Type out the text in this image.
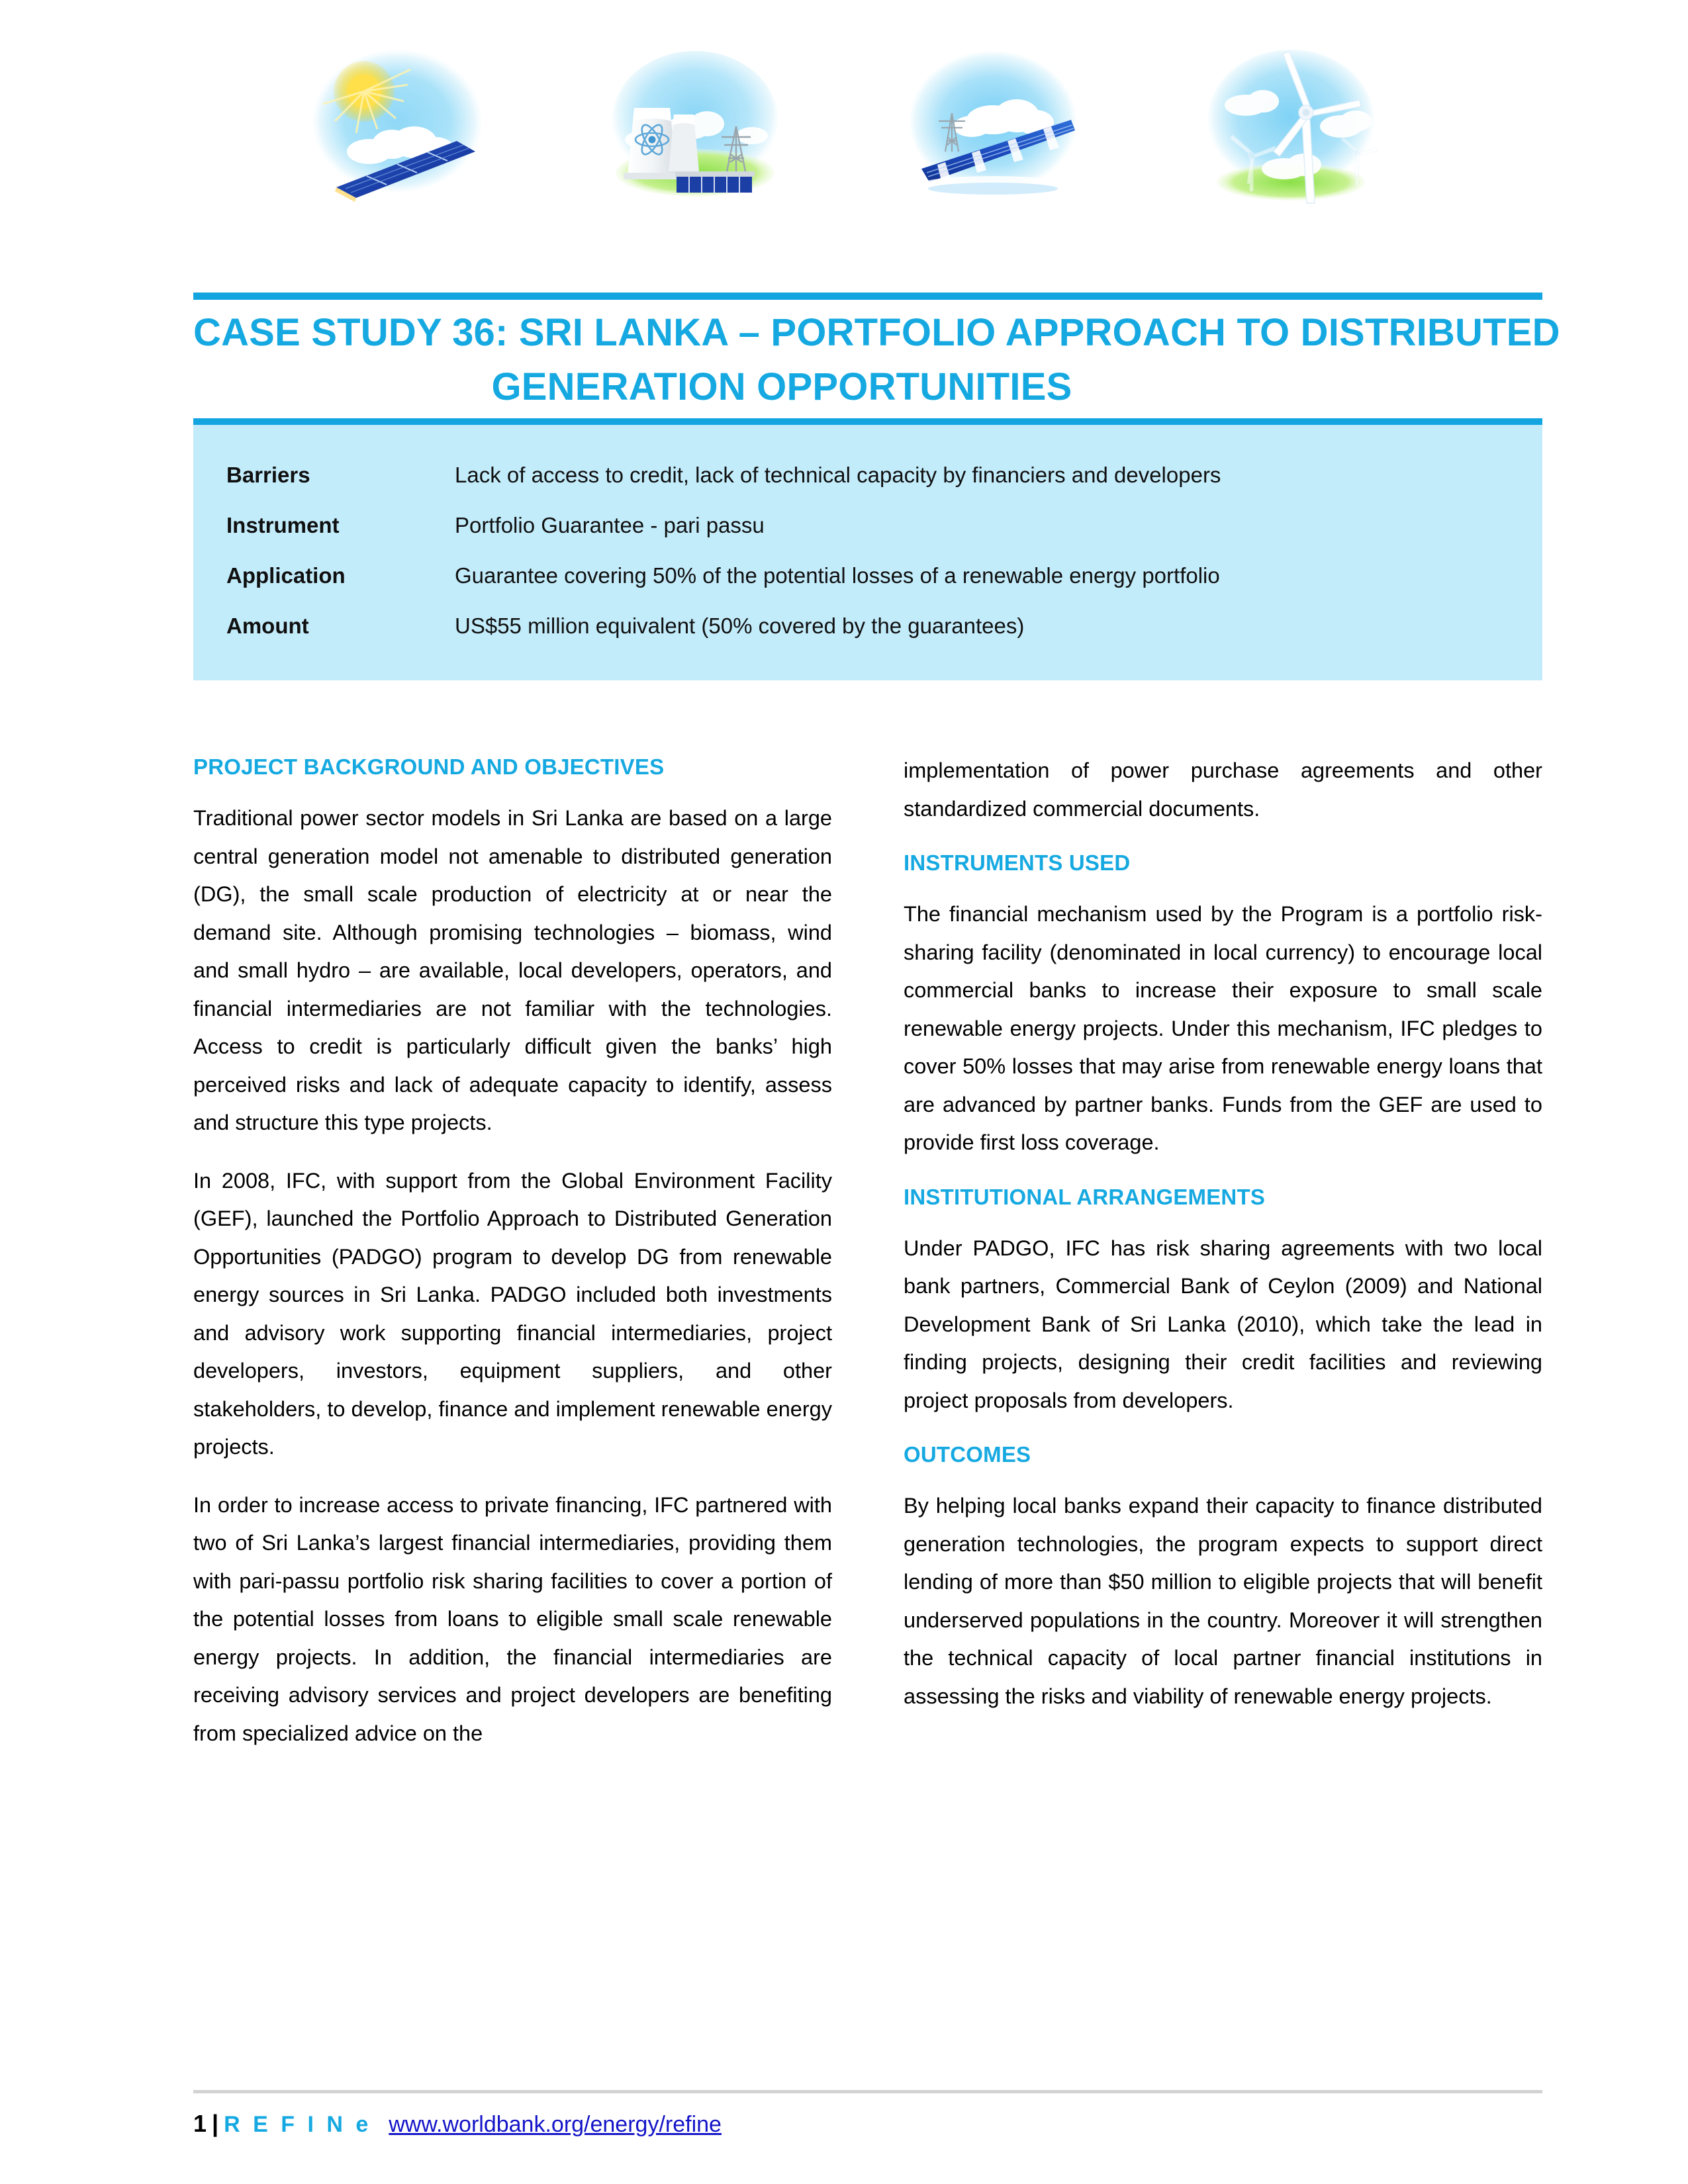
CASE STUDY 36: SRI LANKA – PORTFOLIO APPROACH TO DISTRIBUTED
GENERATION OPPORTUNITIES
Barriers	Lack of access to credit, lack of technical capacity by financiers and developers
Instrument	Portfolio Guarantee - pari passu
Application	Guarantee covering 50% of the potential losses of a renewable energy portfolio
Amount	US$55 million equivalent (50% covered by the guarantees)
PROJECT BACKGROUND AND OBJECTIVES

Traditional power sector models in Sri Lanka are based on a large central generation model not amenable to distributed generation (DG), the small scale production of electricity at or near the demand site. Although promising technologies – biomass, wind and small hydro – are available, local developers, operators, and financial intermediaries are not familiar with the technologies. Access to credit is particularly difficult given the banks’ high perceived risks and lack of adequate capacity to identify, assess and structure this type projects.

In 2008, IFC, with support from the Global Environment Facility (GEF), launched the Portfolio Approach to Distributed Generation Opportunities (PADGO) program to develop DG from renewable energy sources in Sri Lanka. PADGO included both investments and advisory work supporting financial intermediaries, project developers, investors, equipment suppliers, and other stakeholders, to develop, finance and implement renewable energy projects.

In order to increase access to private financing, IFC partnered with two of Sri Lanka’s largest financial intermediaries, providing them with pari-passu portfolio risk sharing facilities to cover a portion of the potential losses from loans to eligible small scale renewable energy projects. In addition, the financial intermediaries are receiving advisory services and project developers are benefiting from specialized advice on the

implementation of power purchase agreements and other standardized commercial documents.

INSTRUMENTS USED

The financial mechanism used by the Program is a portfolio risk-sharing facility (denominated in local currency) to encourage local commercial banks to increase their exposure to small scale renewable energy projects. Under this mechanism, IFC pledges to cover 50% losses that may arise from renewable energy loans that are advanced by partner banks. Funds from the GEF are used to provide first loss coverage.

INSTITUTIONAL ARRANGEMENTS

Under PADGO, IFC has risk sharing agreements with two local bank partners, Commercial Bank of Ceylon (2009) and National Development Bank of Sri Lanka (2010), which take the lead in finding projects, designing their credit facilities and reviewing project proposals from developers.

OUTCOMES

By helping local banks expand their capacity to finance distributed generation technologies, the program expects to support direct lending of more than $50 million to eligible projects that will benefit underserved populations in the country. Moreover it will strengthen the technical capacity of local partner financial institutions in assessing the risks and viability of renewable energy projects.

1 | R E F I N e www.worldbank.org/energy/refine
